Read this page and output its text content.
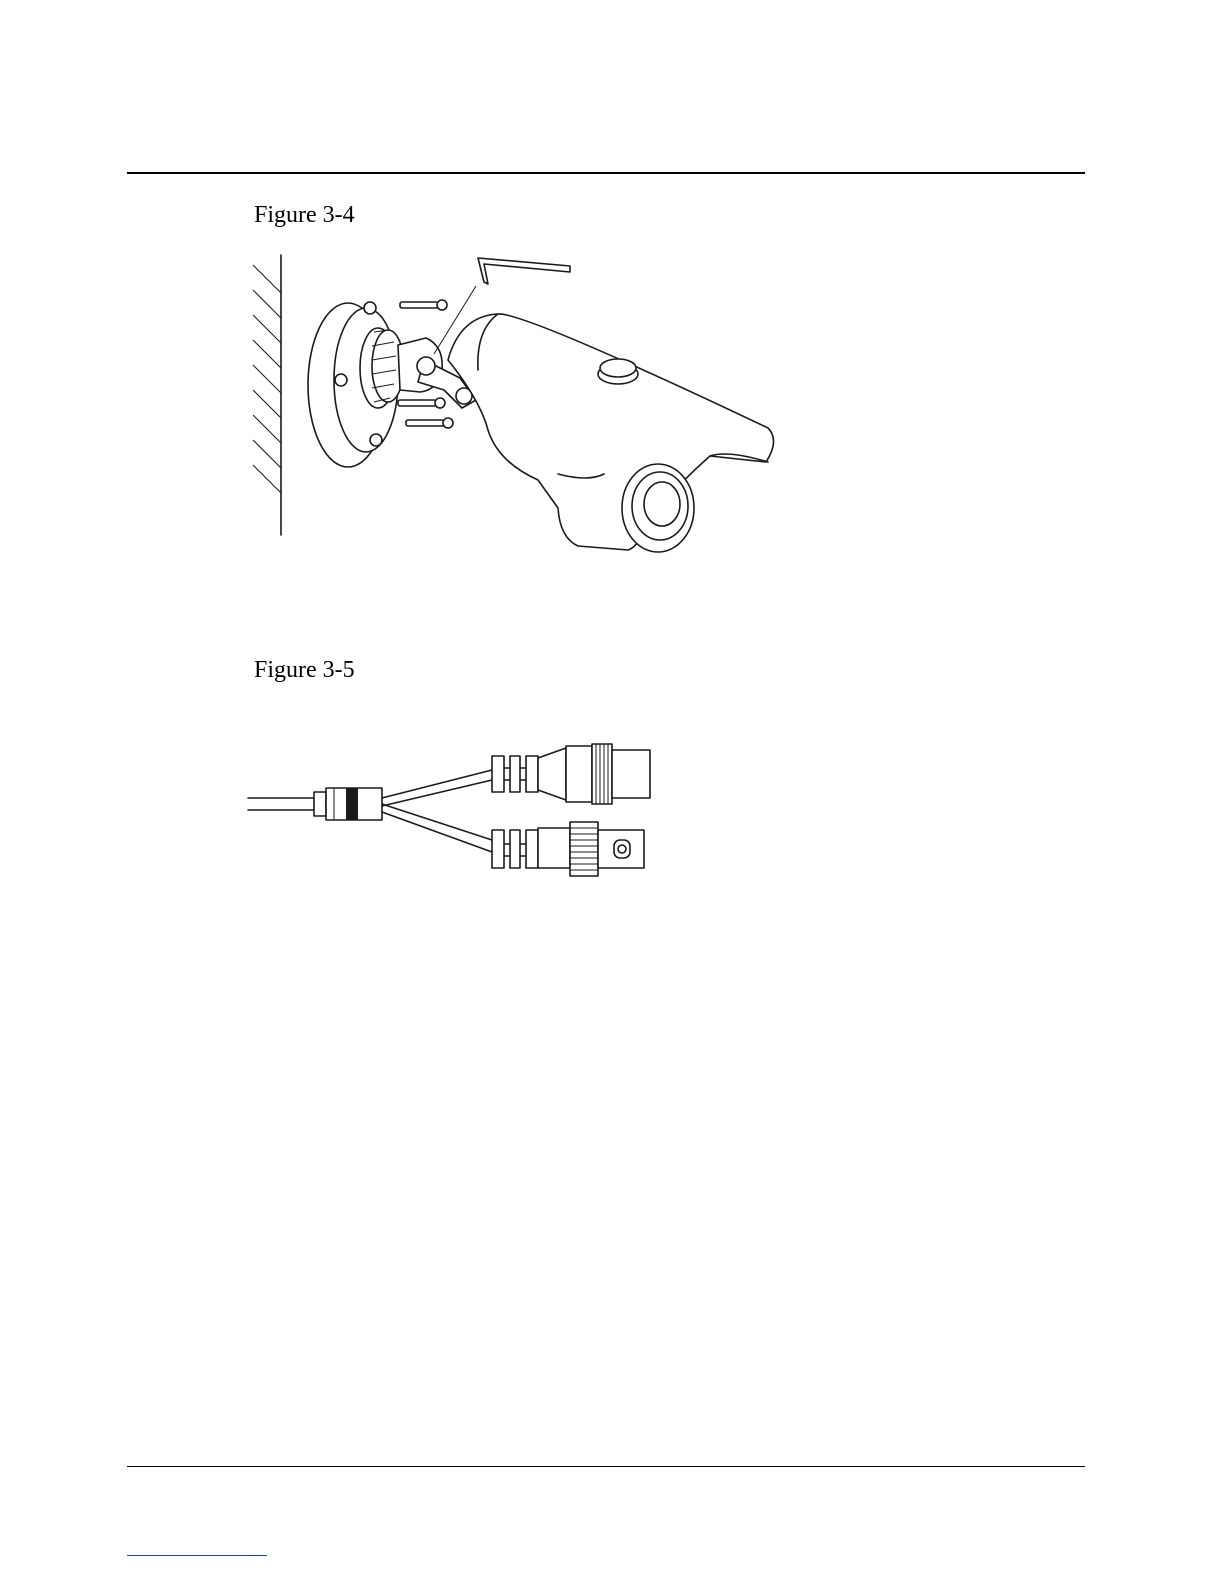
Figure 3-4
Figure 3-5
